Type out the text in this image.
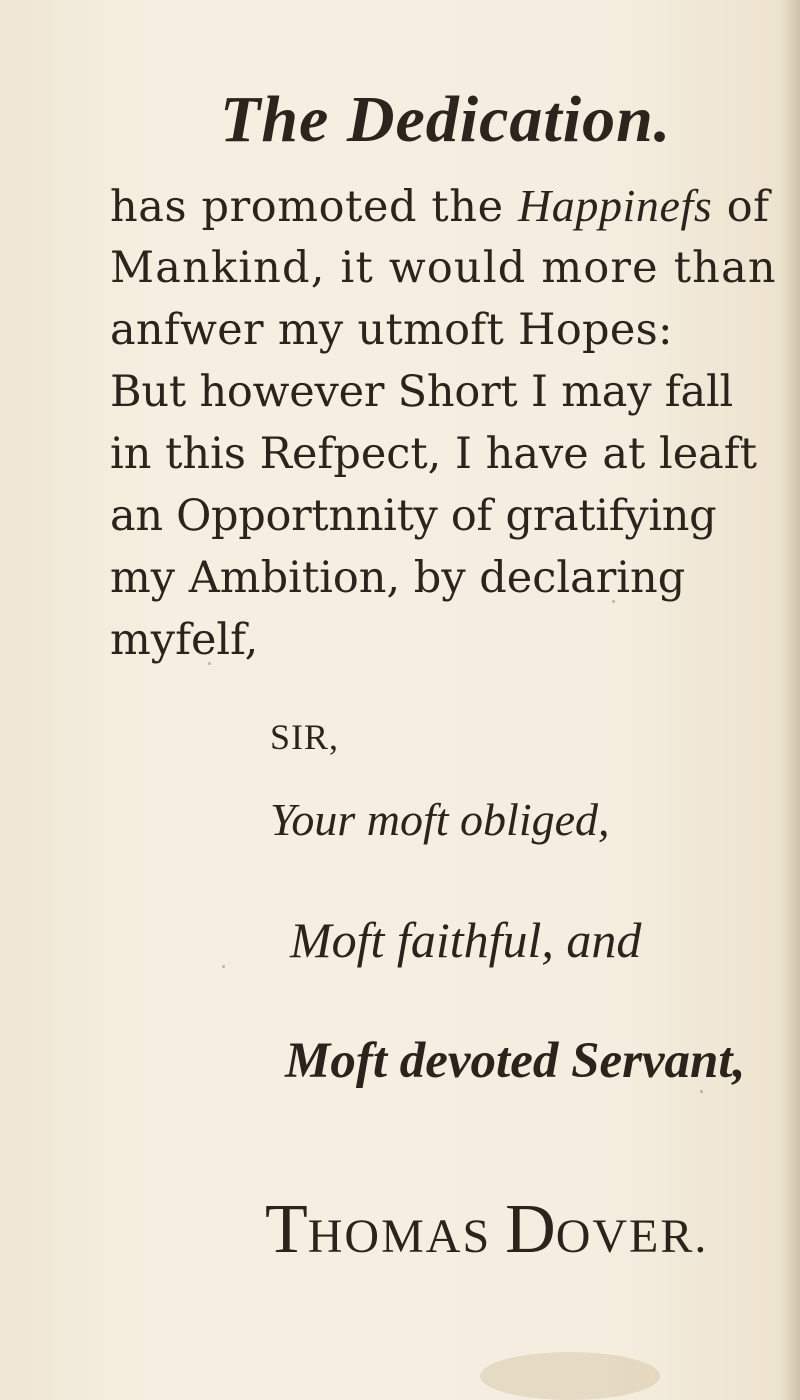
The Dedication.
has promoted the Happinefs of
Mankind, it would more than
anfwer my utmoft Hopes:
But however Short I may fall
in this Refpect, I have at leaft
an Opportnnity of gratifying
my Ambition, by declaring
myfelf,
SIR,
Your moft obliged,
Moft faithful, and
Moft devoted Servant,
THOMAS DOVER.
